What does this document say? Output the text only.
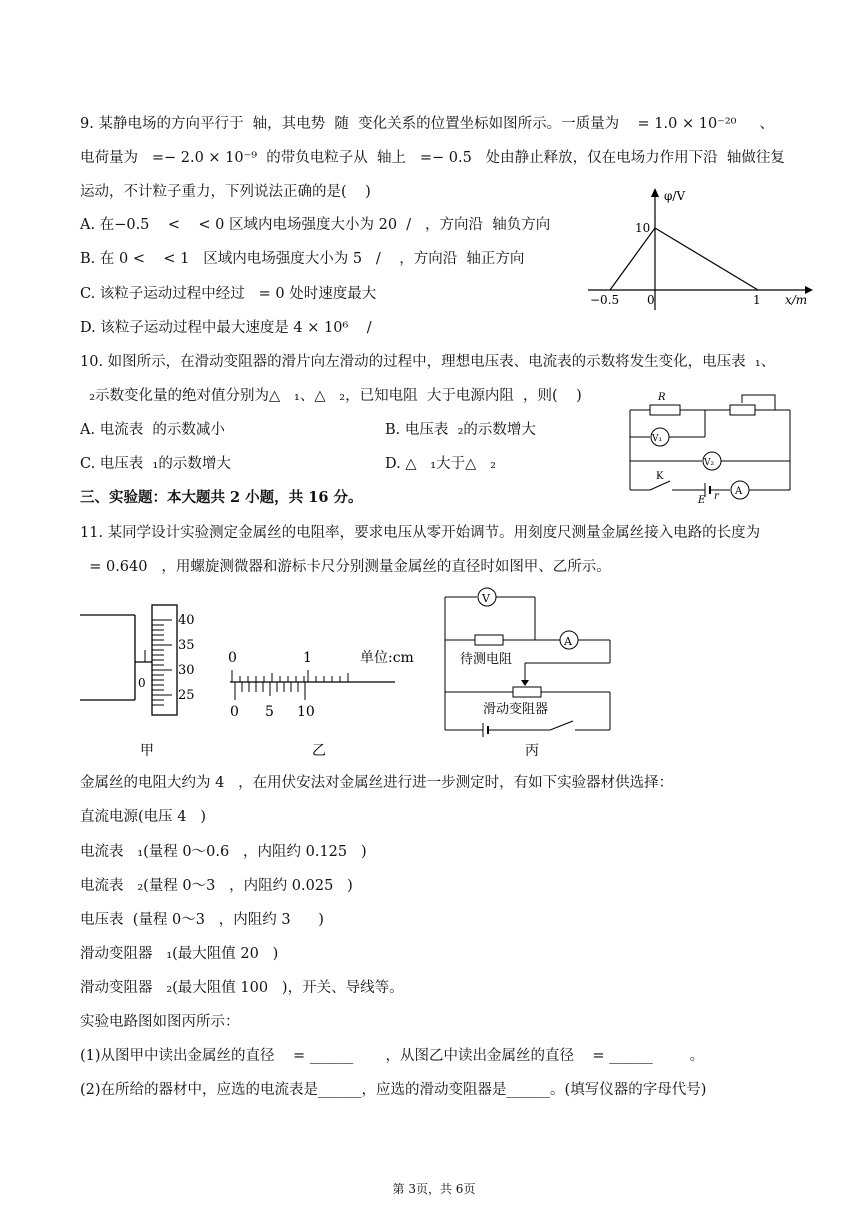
9. 某静电场的方向平行于  轴，其电势  随  变化关系的位置坐标如图所示。一质量为    = 1.0 × 10⁻²⁰     、
电荷量为   =− 2.0 × 10⁻⁹  的带负电粒子从  轴上   =− 0.5   处由静止释放，仅在电场力作用下沿  轴做往复
运动，不计粒子重力，下列说法正确的是(    )
A. 在−0.5    <    < 0 区域内电场强度大小为 20  /   ，方向沿  轴负方向
B. 在 0 <    < 1   区域内电场强度大小为 5   /    ，方向沿  轴正方向
C. 该粒子运动过程中经过   = 0 处时速度最大
D. 该粒子运动过程中最大速度是 4 × 10⁶    /
φ/V
x/m
10
−0.5 0	1
10. 如图所示，在滑动变阻器的滑片向左滑动的过程中，理想电压表、电流表的示数将发生变化，电压表  ₁、
₂示数变化量的绝对值分别为△   ₁、△   ₂，已知电阻  大于电源内阻  ，则(    )
A. 电流表  的示数减小	B. 电压表  ₂的示数增大
C. 电压表  ₁的示数增大	D. △   ₁大于△   ₂
R
V₁
V₂
K
E r A
三、实验题：本大题共 2 小题，共 16 分。
11. 某同学设计实验测定金属丝的电阻率，要求电压从零开始调节。用刻度尺测量金属丝接入电路的长度为
= 0.640   ，用螺旋测微器和游标卡尺分别测量金属丝的直径时如图甲、乙所示。
0
40
35
30
25
甲
0	1	单位:cm
0 5 10
乙
V
A
待测电阻
滑动变阻器
丙
金属丝的电阻大约为 4   ，在用伏安法对金属丝进行进一步测定时，有如下实验器材供选择：
直流电源(电压 4   )
电流表   ₁(量程 0～0.6   ，内阻约 0.125   )
电流表   ₂(量程 0～3   ，内阻约 0.025   )
电压表  (量程 0～3   ，内阻约 3      )
滑动变阻器   ₁(最大阻值 20   )
滑动变阻器   ₂(最大阻值 100   )，开关、导线等。
实验电路图如图丙所示：
(1)从图甲中读出金属丝的直径    = ______       ，从图乙中读出金属丝的直径    = ______        。
(2)在所给的器材中，应选的电流表是______，应选的滑动变阻器是______。(填写仪器的字母代号)
第 3页，共 6页
